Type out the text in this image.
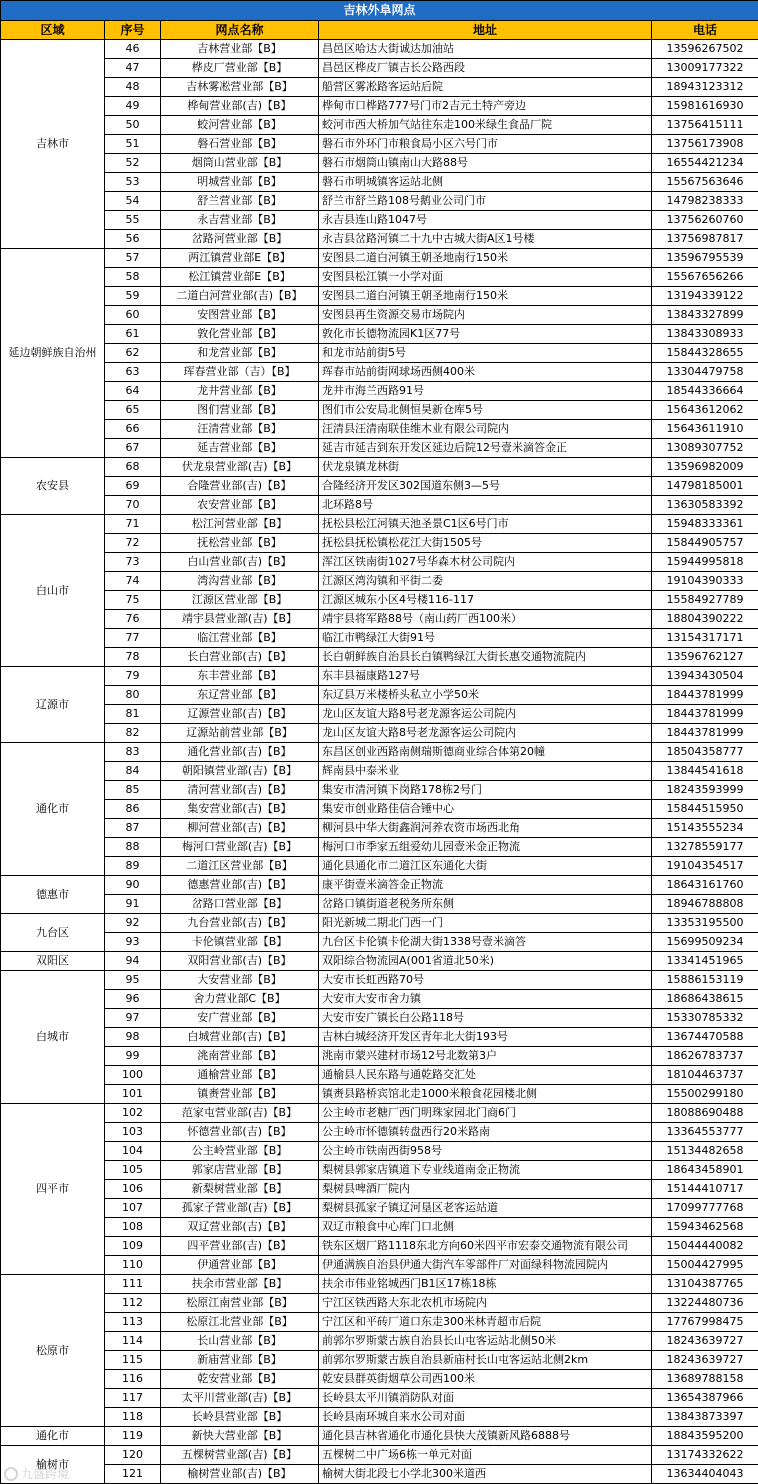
吉林外阜网点				
区域	序号	网点名称	地址	电话
吉林市	46	吉林营业部【B】	昌邑区哈达大街诚达加油站	13596267502
	47	桦皮厂营业部【B】	昌邑区桦皮厂镇吉长公路西段	13009177322
	48	吉林雾凇营业部【B】	船营区雾凇路客运站后院	18943123312
	49	桦甸营业部(吉)【B】	桦甸市口桦路777号门市2吉元土特产旁边	15981616930
	50	蛟河营业部【B】	蛟河市西大桥加气站往东走100米绿生食品厂院	13756415111
	51	磐石营业部【B】	磐石市外环门市粮食局小区六号门市	13756173908
	52	烟筒山营业部【B】	磐石市烟筒山镇南山大路88号	16554421234
	53	明城营业部【B】	磐石市明城镇客运站北侧	15567563646
	54	舒兰营业部【B】	舒兰市舒兰路108号鹅业公司门市	14798238333
	55	永吉营业部【B】	永吉县连山路1047号	13756260760
	56	岔路河营业部【B】	永吉县岔路河镇二十九中古城大街A区1号楼	13756987817
延边朝鲜族自治州	57	两江镇营业部E【B】	安图县二道白河镇王朝圣地南行150米	13596795539
	58	松江镇营业部E【B】	安图县松江镇一小学对面	15567656266
	59	二道白河营业部(吉)【B】	安图县二道白河镇王朝圣地南行150米	13194339122
	60	安图营业部【B】	安图县再生资源交易市场院内	13843327899
	61	敦化营业部【B】	敦化市长德物流园K1区77号	13843308933
	62	和龙营业部【B】	和龙市站前街5号	15844328655
	63	珲春营业部（吉）【B】	珲春市站前街网球场西侧400米	13304479758
	64	龙井营业部【B】	龙井市海兰西路91号	18544336664
	65	图们营业部【B】	图们市公安局北侧恒昊新仓库5号	15643612062
	66	汪清营业部【B】	汪清县汪清南联佳维木业有限公司院内	15643611910
	67	延吉营业部【B】	延吉市延吉到东开发区延边后院12号壹米滴答金正	13089307752
农安县	68	伏龙泉营业部(吉)【B】	伏龙泉镇龙林街	13596982009
	69	合隆营业部(吉)【B】	合隆经济开发区302国道东侧3—5号	14798185001
	70	农安营业部【B】	北环路8号	13630583392
白山市	71	松江河营业部【B】	抚松县松江河镇天池圣景C1区6号门市	15948333361
	72	抚松营业部【B】	抚松县抚松镇松花江大街1505号	15844905757
	73	白山营业部(吉)【B】	浑江区铁南街1027号华森木材公司院内	15944995818
	74	湾沟营业部【B】	江源区湾沟镇和平街二委	19104390333
	75	江源区营业部【B】	江源区城东小区4号楼116-117	15584927789
	76	靖宇县营业部(吉)【B】	靖宇县将军路88号（南山药厂西100米）	18804390222
	77	临江营业部【B】	临江市鸭绿江大街91号	13154317171
	78	长白营业部(吉)【B】	长白朝鲜族自治县长白镇鸭绿江大街长惠交通物流院内	13596762127
辽源市	79	东丰营业部【B】	东丰县福康路127号	13943430504
	80	东辽营业部【B】	东辽县万米楼桥头私立小学50米	18443781999
	81	辽源营业部(吉)【B】	龙山区友谊大路8号老龙源客运公司院内	18443781999
	82	辽源站前营业部【B】	龙山区友谊大路8号老龙源客运公司院内	18443781999
通化市	83	通化营业部(吉)【B】	东昌区创业西路南侧瑞斯德商业综合体第20幢	18504358777
	84	朝阳镇营业部(吉)【B】	辉南县中泰米业	13844541618
	85	清河营业部(吉)【B】	集安市清河镇下岗路178栋2号门	18243593999
	86	集安营业部(吉)【B】	集安市创业路佳信合锤中心	15844515950
	87	柳河营业部(吉)【B】	柳河县中华大街鑫润河养农资市场西北角	15143555234
	88	梅河口营业部(吉)【B】	梅河口市季家五组爱幼儿园壹米金正物流	13278559177
	89	二道江区营业部【B】	通化县通化市二道江区东通化大街	19104354517
德惠市	90	德惠营业部(吉)【B】	康平街壹米滴答金正物流	18643161760
	91	岔路口营业部【B】	岔路口镇街道老税务所东侧	18946788808
九台区	92	九台营业部(吉)【B】	阳光新城二期北门西一门	13353195500
	93	卡伦镇营业部【B】	九台区卡伦镇卡伦湖大街1338号壹米滴答	15699509234
双阳区	94	双阳营业部(吉)【B】	双阳综合物流园A(001省道北50米)	13341451965
白城市	95	大安营业部【B】	大安市长虹西路70号	15886153119
	96	舍力营业部C【B】	大安市大安市舍力镇	18686438615
	97	安广营业部【B】	大安市安广镇长白公路118号	15330785332
	98	白城营业部(吉)【B】	吉林白城经济开发区青年北大街193号	13674470588
	99	洮南营业部【B】	洮南市蒙兴建材市场12号北数第3户	18626783737
	100	通榆营业部【B】	通榆县人民东路与通乾路交汇处	18104463737
	101	镇赉营业部【B】	镇赉县路桥宾馆北走1000米粮食花园楼北侧	15500299180
四平市	102	范家屯营业部(吉)【B】	公主岭市老糖厂西门明珠家园北门商6门	18088690488
	103	怀德营业部(吉)【B】	公主岭市怀德镇转盘西行20米路南	13364553777
	104	公主岭营业部【B】	公主岭市铁南西街958号	15134482658
	105	郭家店营业部【B】	梨树县郭家店镇道下专业线道南金正物流	18643458901
	106	新梨树营业部【B】	梨树县啤酒厂院内	15144410717
	107	孤家子营业部(吉)【B】	梨树县孤家子镇辽河垦区老客运站道	17099777768
	108	双辽营业部(吉)【B】	双辽市粮食中心库门口北侧	15943462568
	109	四平营业部(吉)【B】	铁东区烟厂路1118东北方向60米四平市宏泰交通物流有限公司	15044440082
	110	伊通营业部【B】	伊通满族自治县伊通大街汽车零部件厂对面绿科物流园院内	15004427995
松原市	111	扶余市营业部【B】	扶余市伟业铭城西门B1区17栋18栋	13104387765
	112	松原江南营业部【B】	宁江区铁西路大东北农机市场院内	13224480736
	113	松原江北营业部【B】	宁江区和平砖厂道口东走300米林青超市后院	17767998475
	114	长山营业部【B】	前郭尔罗斯蒙古族自治县长山屯客运站北侧50米	18243639727
	115	新庙营业部【B】	前郭尔罗斯蒙古族自治县新庙村长山屯客运站北侧2km	18243639727
	116	乾安营业部【B】	乾安县群英街烟草公司西100米	13689788158
	117	太平川营业部(吉)【B】	长岭县太平川镇消防队对面	13654387966
	118	长岭县营业部【B】	长岭县南环城自来水公司对面	13843873397
通化市	119	新快大营业部【B】	通化县吉林省通化市通化县快大茂镇新风路6888号	18843595200
榆树市	120	五棵树营业部(吉)【B】	五棵树二中广场6栋一单元对面	13174332622
	121	榆树营业部(吉)【B】	榆树大街北段七小学北300米道西	13634404043
九盛跨境
